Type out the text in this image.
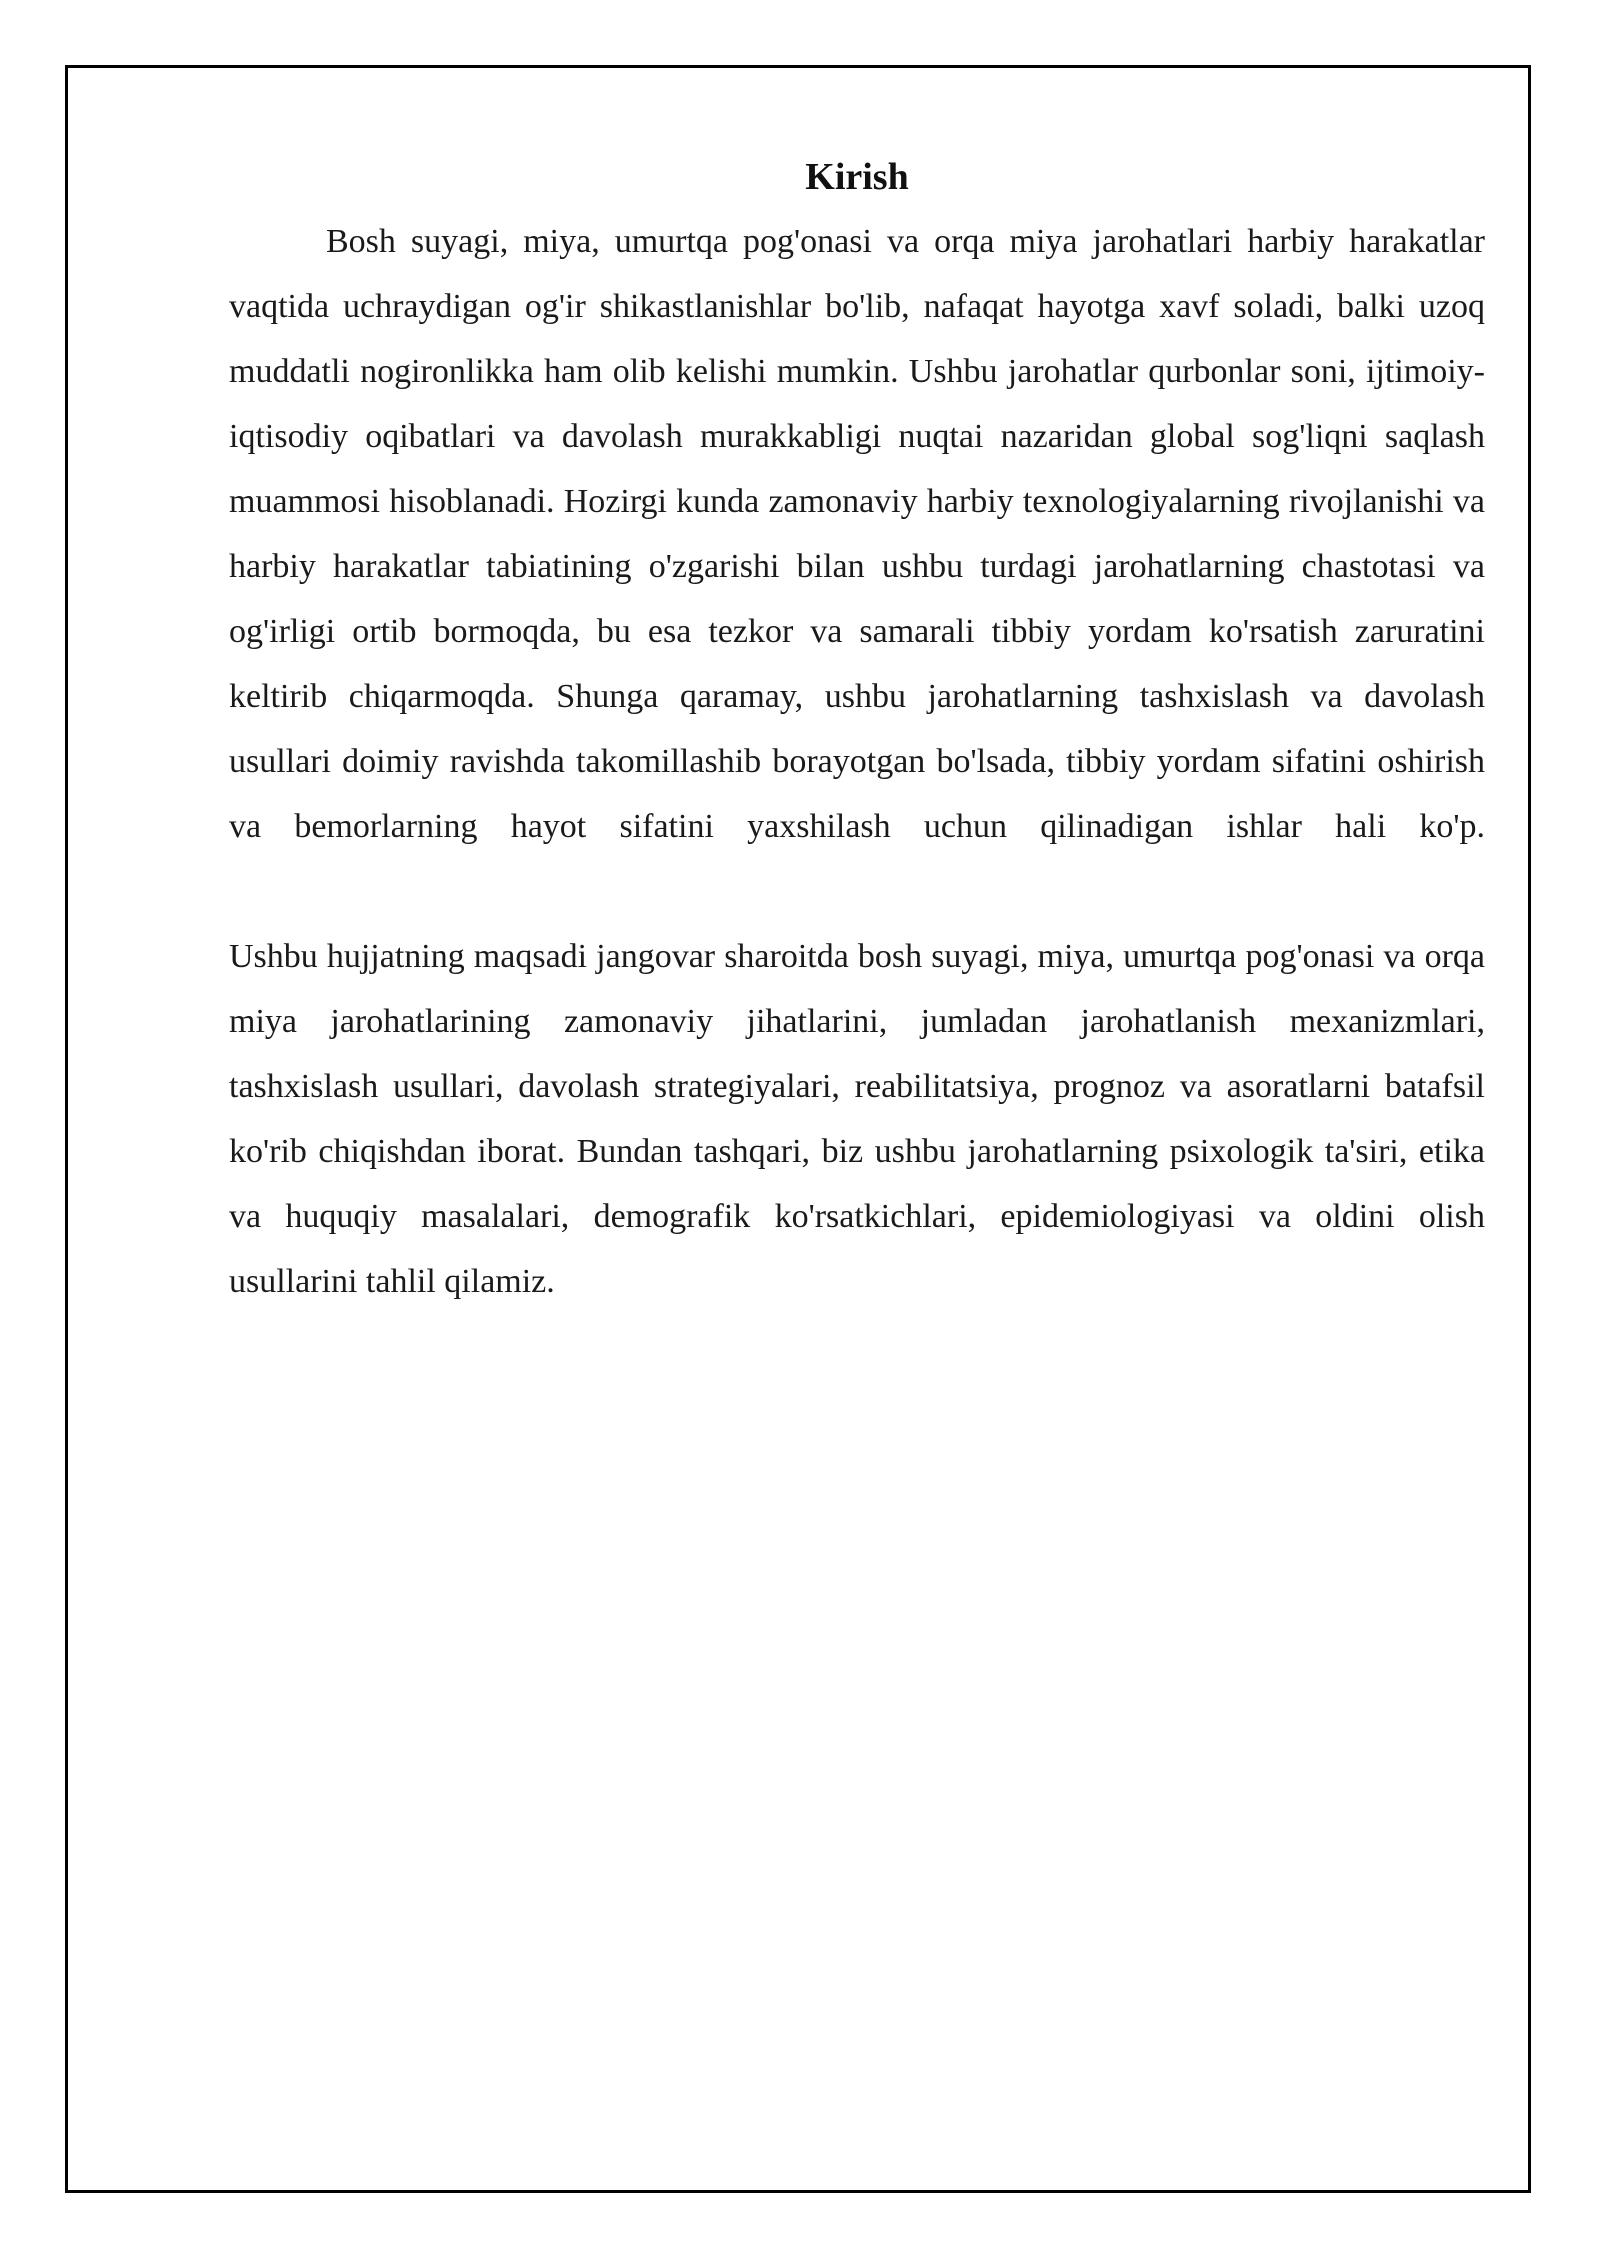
Kirish

Bosh suyagi, miya, umurtqa pog'onasi va orqa miya jarohatlari harbiy harakatlar vaqtida uchraydigan og'ir shikastlanishlar bo'lib, nafaqat hayotga xavf soladi, balki uzoq muddatli nogironlikka ham olib kelishi mumkin. Ushbu jarohatlar qurbonlar soni, ijtimoiy-iqtisodiy oqibatlari va davolash murakkabligi nuqtai nazaridan global sog'liqni saqlash muammosi hisoblanadi. Hozirgi kunda zamonaviy harbiy texnologiyalarning rivojlanishi va harbiy harakatlar tabiatining o'zgarishi bilan ushbu turdagi jarohatlarning chastotasi va og'irligi ortib bormoqda, bu esa tezkor va samarali tibbiy yordam ko'rsatish zaruratini keltirib chiqarmoqda. Shunga qaramay, ushbu jarohatlarning tashxislash va davolash usullari doimiy ravishda takomillashib borayotgan bo'lsada, tibbiy yordam sifatini oshirish va bemorlarning hayot sifatini yaxshilash uchun qilinadigan ishlar hali ko'p.

Ushbu hujjatning maqsadi jangovar sharoitda bosh suyagi, miya, umurtqa pog'onasi va orqa miya jarohatlarining zamonaviy jihatlarini, jumladan jarohatlanish mexanizmlari, tashxislash usullari, davolash strategiyalari, reabilitatsiya, prognoz va asoratlarni batafsil ko'rib chiqishdan iborat. Bundan tashqari, biz ushbu jarohatlarning psixologik ta'siri, etika va huquqiy masalalari, demografik ko'rsatkichlari, epidemiologiyasi va oldini olish usullarini tahlil qilamiz.
